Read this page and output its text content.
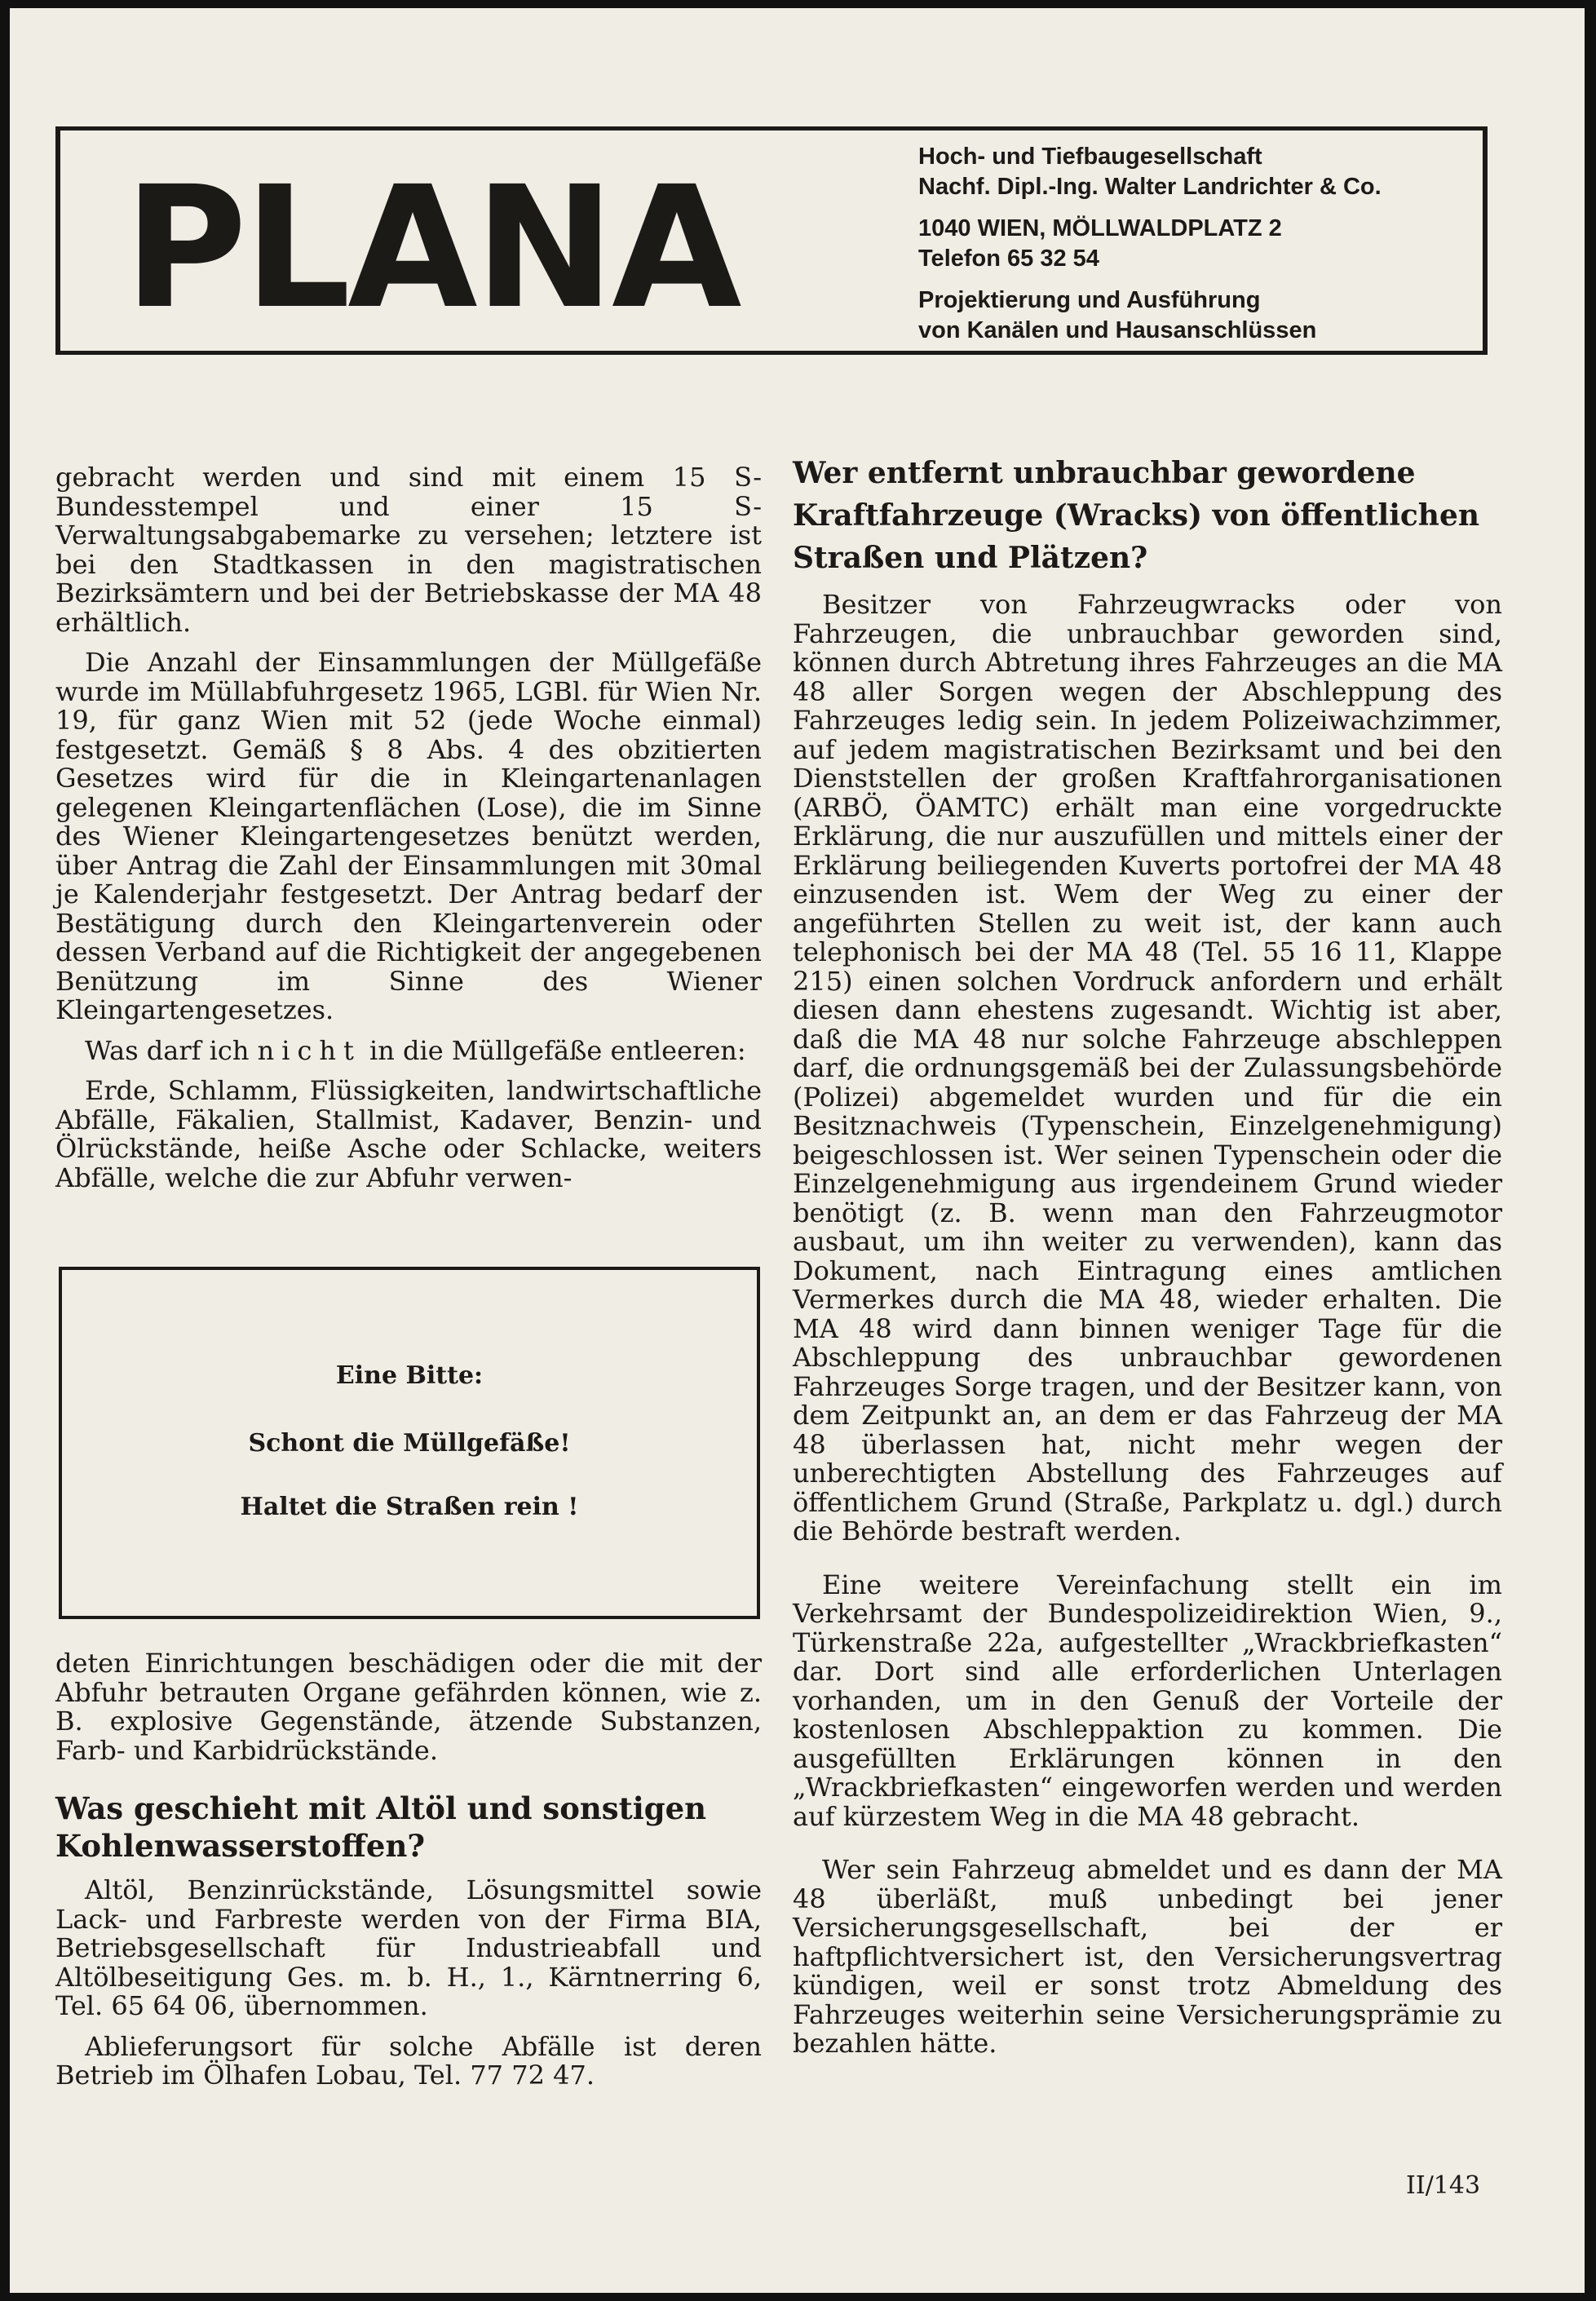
PLANA	Hoch- und Tiefbaugesellschaft
Nachf. Dipl.-Ing. Walter Landrichter & Co.
1040 WIEN, MÖLLWALDPLATZ 2
Telefon 65 32 54
Projektierung und Ausführung
von Kanälen und Hausanschlüssen

gebracht werden und sind mit einem 15 S-Bundesstempel und einer 15 S-Verwaltungsabgabemarke zu versehen; letztere ist bei den Stadtkassen in den magistratischen Bezirksämtern und bei der Betriebskasse der MA 48 erhältlich.

Die Anzahl der Einsammlungen der Müllgefäße wurde im Müllabfuhrgesetz 1965, LGBl. für Wien Nr. 19, für ganz Wien mit 52 (jede Woche einmal) festgesetzt. Gemäß § 8 Abs. 4 des obzitierten Gesetzes wird für die in Kleingartenanlagen gelegenen Kleingartenflächen (Lose), die im Sinne des Wiener Kleingartengesetzes benützt werden, über Antrag die Zahl der Einsammlungen mit 30mal je Kalenderjahr festgesetzt. Der Antrag bedarf der Bestätigung durch den Kleingartenverein oder dessen Verband auf die Richtigkeit der angegebenen Benützung im Sinne des Wiener Kleingartengesetzes.

Was darf ich nicht in die Müllgefäße entleeren:

Erde, Schlamm, Flüssigkeiten, landwirtschaftliche Abfälle, Fäkalien, Stallmist, Kadaver, Benzin- und Ölrückstände, heiße Asche oder Schlacke, weiters Abfälle, welche die zur Abfuhr verwen-

Eine Bitte:
Schont die Müllgefäße!
Haltet die Straßen rein !

deten Einrichtungen beschädigen oder die mit der Abfuhr betrauten Organe gefährden können, wie z. B. explosive Gegenstände, ätzende Substanzen, Farb- und Karbidrückstände.

Was geschieht mit Altöl und sonstigen Kohlenwasserstoffen?

Altöl, Benzinrückstände, Lösungsmittel sowie Lack- und Farbreste werden von der Firma BIA, Betriebsgesellschaft für Industrieabfall und Altölbeseitigung Ges. m. b. H., 1., Kärntnerring 6, Tel. 65 64 06, übernommen.

Ablieferungsort für solche Abfälle ist deren Betrieb im Ölhafen Lobau, Tel. 77 72 47.

Wer entfernt unbrauchbar gewordene Kraftfahrzeuge (Wracks) von öffentlichen Straßen und Plätzen?

Besitzer von Fahrzeugwracks oder von Fahrzeugen, die unbrauchbar geworden sind, können durch Abtretung ihres Fahrzeuges an die MA 48 aller Sorgen wegen der Abschleppung des Fahrzeuges ledig sein. In jedem Polizeiwachzimmer, auf jedem magistratischen Bezirksamt und bei den Dienststellen der großen Kraftfahrorganisationen (ARBÖ, ÖAMTC) erhält man eine vorgedruckte Erklärung, die nur auszufüllen und mittels einer der Erklärung beiliegenden Kuverts portofrei der MA 48 einzusenden ist. Wem der Weg zu einer der angeführten Stellen zu weit ist, der kann auch telephonisch bei der MA 48 (Tel. 55 16 11, Klappe 215) einen solchen Vordruck anfordern und erhält diesen dann ehestens zugesandt. Wichtig ist aber, daß die MA 48 nur solche Fahrzeuge abschleppen darf, die ordnungsgemäß bei der Zulassungsbehörde (Polizei) abgemeldet wurden und für die ein Besitznachweis (Typenschein, Einzelgenehmigung) beigeschlossen ist. Wer seinen Typenschein oder die Einzelgenehmigung aus irgendeinem Grund wieder benötigt (z. B. wenn man den Fahrzeugmotor ausbaut, um ihn weiter zu verwenden), kann das Dokument, nach Eintragung eines amtlichen Vermerkes durch die MA 48, wieder erhalten. Die MA 48 wird dann binnen weniger Tage für die Abschleppung des unbrauchbar gewordenen Fahrzeuges Sorge tragen, und der Besitzer kann, von dem Zeitpunkt an, an dem er das Fahrzeug der MA 48 überlassen hat, nicht mehr wegen der unberechtigten Abstellung des Fahrzeuges auf öffentlichem Grund (Straße, Parkplatz u. dgl.) durch die Behörde bestraft werden.

Eine weitere Vereinfachung stellt ein im Verkehrsamt der Bundespolizeidirektion Wien, 9., Türkenstraße 22a, aufgestellter „Wrackbriefkasten“ dar. Dort sind alle erforderlichen Unterlagen vorhanden, um in den Genuß der Vorteile der kostenlosen Abschleppaktion zu kommen. Die ausgefüllten Erklärungen können in den „Wrackbriefkasten“ eingeworfen werden und werden auf kürzestem Weg in die MA 48 gebracht.

Wer sein Fahrzeug abmeldet und es dann der MA 48 überläßt, muß unbedingt bei jener Versicherungsgesellschaft, bei der er haftpflichtversichert ist, den Versicherungsvertrag kündigen, weil er sonst trotz Abmeldung des Fahrzeuges weiterhin seine Versicherungsprämie zu bezahlen hätte.

II/143
